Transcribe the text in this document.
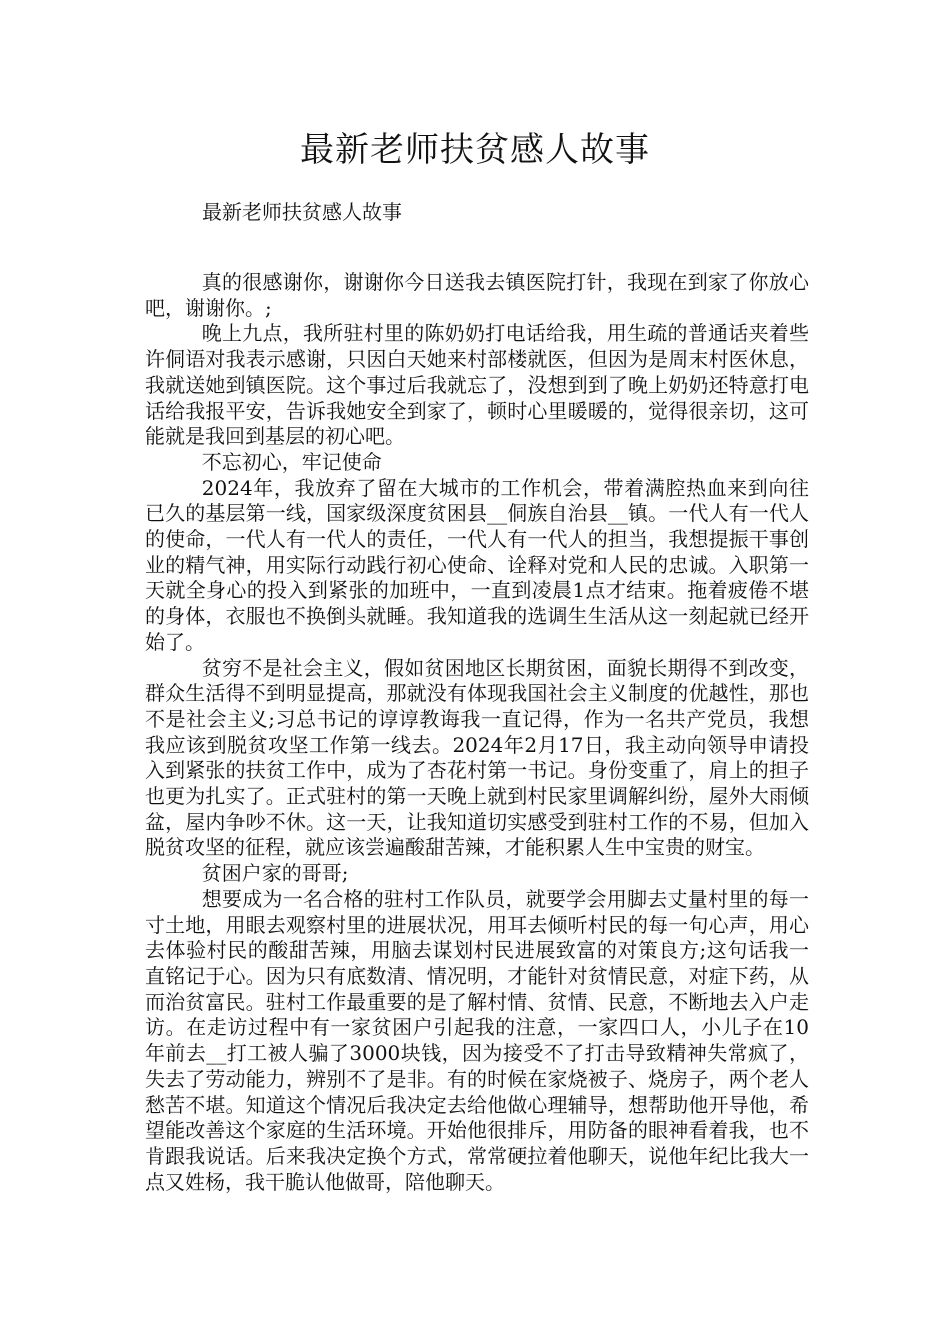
最新老师扶贫感人故事

最新老师扶贫感人故事

真的很感谢你，谢谢你今日送我去镇医院打针，我现在到家了你放心吧，谢谢你。;

晚上九点，我所驻村里的陈奶奶打电话给我，用生疏的普通话夹着些许侗语对我表示感谢，只因白天她来村部楼就医，但因为是周末村医休息，我就送她到镇医院。这个事过后我就忘了，没想到到了晚上奶奶还特意打电话给我报平安，告诉我她安全到家了，顿时心里暖暖的，觉得很亲切，这可能就是我回到基层的初心吧。

不忘初心，牢记使命

2024年，我放弃了留在大城市的工作机会，带着满腔热血来到向往已久的基层第一线，国家级深度贫困县__侗族自治县__镇。一代人有一代人的使命，一代人有一代人的责任，一代人有一代人的担当，我想提振干事创业的精气神，用实际行动践行初心使命、诠释对党和人民的忠诚。入职第一天就全身心的投入到紧张的加班中，一直到凌晨1点才结束。拖着疲倦不堪的身体，衣服也不换倒头就睡。我知道我的选调生生活从这一刻起就已经开始了。

贫穷不是社会主义，假如贫困地区长期贫困，面貌长期得不到改变，群众生活得不到明显提高，那就没有体现我国社会主义制度的优越性，那也不是社会主义;习总书记的谆谆教诲我一直记得，作为一名共产党员，我想我应该到脱贫攻坚工作第一线去。2024年2月17日，我主动向领导申请投入到紧张的扶贫工作中，成为了杏花村第一书记。身份变重了，肩上的担子也更为扎实了。正式驻村的第一天晚上就到村民家里调解纠纷，屋外大雨倾盆，屋内争吵不休。这一天，让我知道切实感受到驻村工作的不易，但加入脱贫攻坚的征程，就应该尝遍酸甜苦辣，才能积累人生中宝贵的财宝。

贫困户家的哥哥;

想要成为一名合格的驻村工作队员，就要学会用脚去丈量村里的每一寸土地，用眼去观察村里的进展状况，用耳去倾听村民的每一句心声，用心去体验村民的酸甜苦辣，用脑去谋划村民进展致富的对策良方;这句话我一直铭记于心。因为只有底数清、情况明，才能针对贫情民意，对症下药，从而治贫富民。驻村工作最重要的是了解村情、贫情、民意，不断地去入户走访。在走访过程中有一家贫困户引起我的注意，一家四口人，小儿子在10年前去__打工被人骗了3000块钱，因为接受不了打击导致精神失常疯了，失去了劳动能力，辨别不了是非。有的时候在家烧被子、烧房子，两个老人愁苦不堪。知道这个情况后我决定去给他做心理辅导，想帮助他开导他，希望能改善这个家庭的生活环境。开始他很排斥，用防备的眼神看着我，也不肯跟我说话。后来我决定换个方式，常常硬拉着他聊天，说他年纪比我大一点又姓杨，我干脆认他做哥，陪他聊天。
